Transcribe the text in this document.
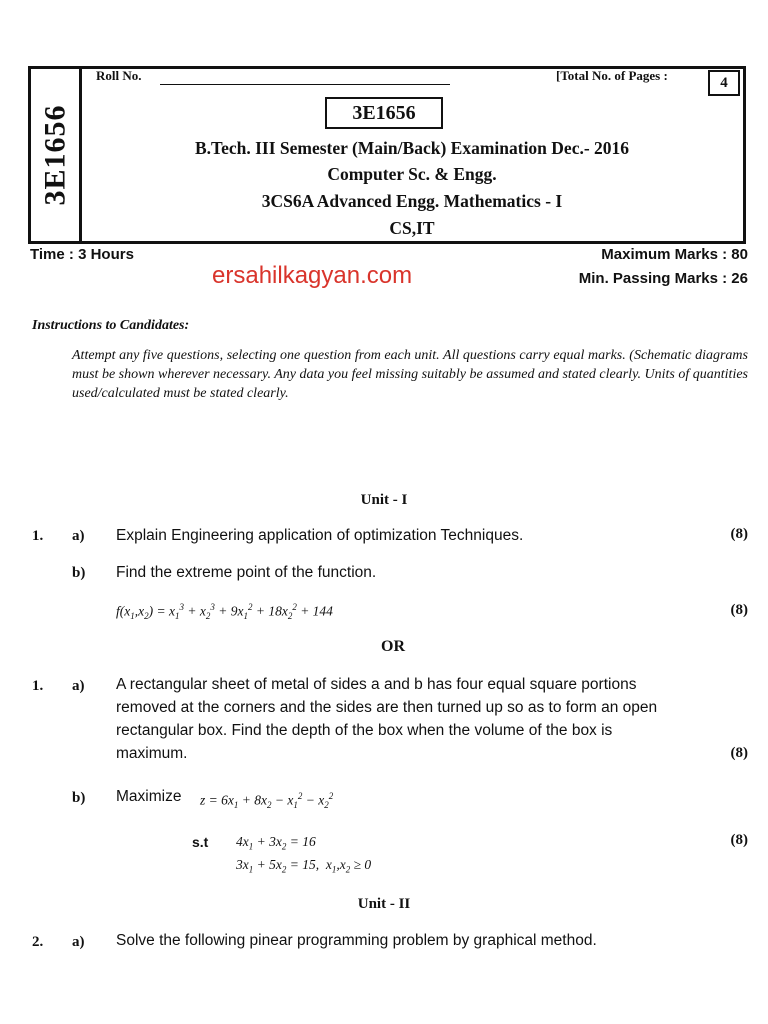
3E1656
Roll No.	[Total No. of Pages :	4
3E1656
B.Tech. III Semester (Main/Back) Examination Dec.- 2016
Computer Sc. & Engg.
3CS6A Advanced Engg. Mathematics - I
CS,IT
Time : 3 Hours	Maximum Marks : 80
Min. Passing Marks : 26
ersahilkagyan.com
Instructions to Candidates:
Attempt any five questions, selecting one question from each unit. All questions carry equal marks. (Schematic diagrams must be shown wherever necessary. Any data you feel missing suitably be assumed and stated clearly. Units of quantities used/calculated must be stated clearly.
Unit - I
1. a) Explain Engineering application of optimization Techniques.	(8)
b) Find the extreme point of the function.
$f(x_1,x_2) = x_1^3 + x_2^3 + 9x_1^2 + 18x_2^2 + 144$	(8)
OR
1. a) A rectangular sheet of metal of sides a and b has four equal square portions
removed at the corners and the sides are then turned up so as to form an open
rectangular box. Find the depth of the box when the volume of the box is
maximum.	(8)
b) Maximize $z = 6x_1 + 8x_2 - x_1^2 - x_2^2$
s.t $4x_1 + 3x_2 = 16$
$3x_1 + 5x_2 = 15$,  $x_1,x_2 \ge 0$
(8)
Unit - II
2. a) Solve the following pinear programming problem by graphical method.
